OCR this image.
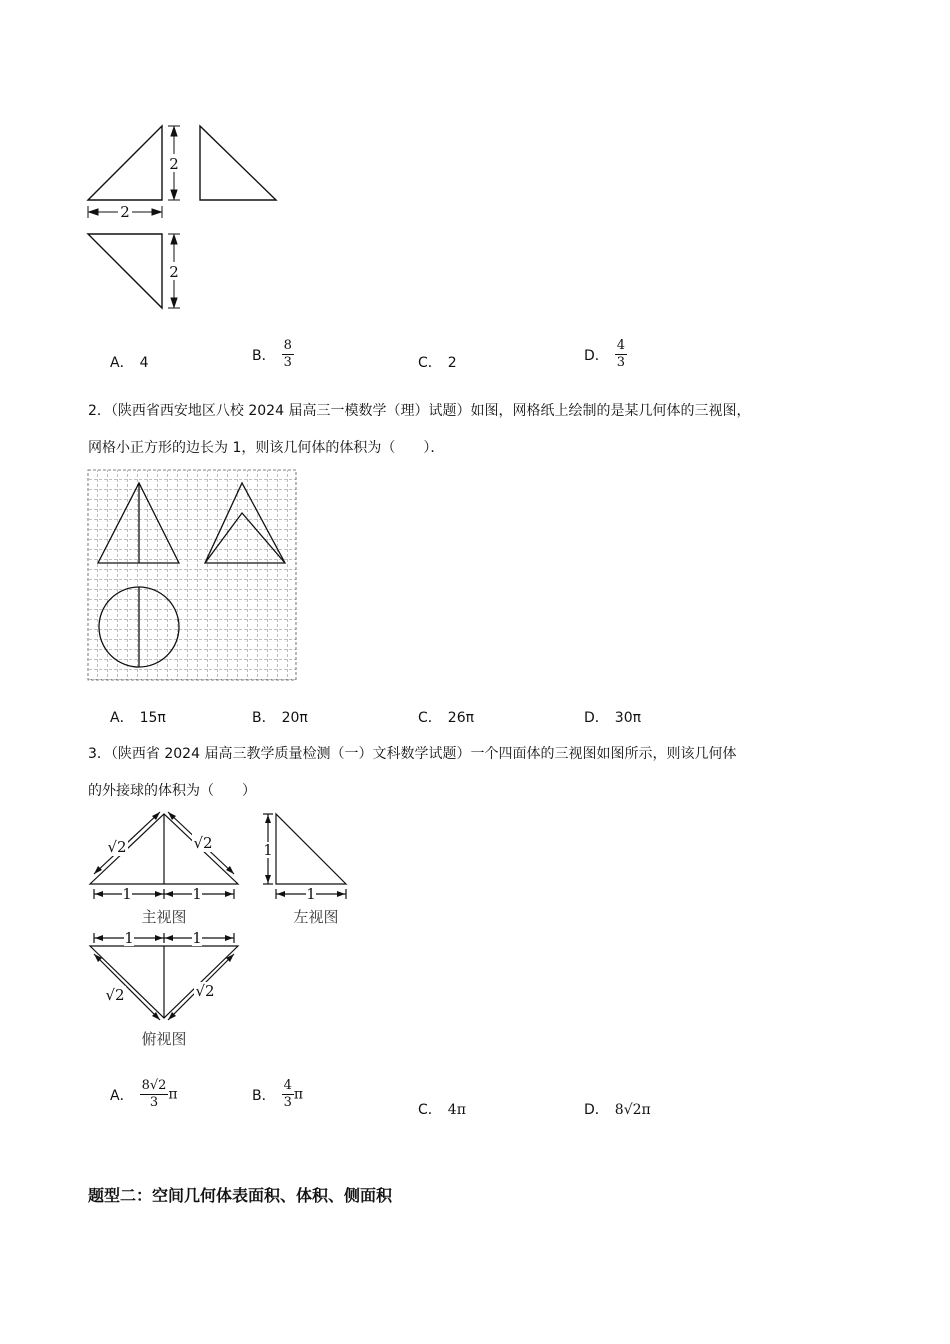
2
2
2
A． 4	B． $\frac{8}{3}$	C． 2	D． $\frac{4}{3}$
2．（陕西省西安地区八校 2024 届高三一模数学（理）试题）如图，网格纸上绘制的是某几何体的三视图，
网格小正方形的边长为 1，则该几何体的体积为（　　）．
A． 15π	B． 20π	C． 26π	D． 30π
3．（陕西省 2024 届高三教学质量检测（一）文科数学试题）一个四面体的三视图如图所示，则该几何体
的外接球的体积为（　　）
√2	√2
1	1
主视图
1
1
左视图
1	1
√2	√2
俯视图
A． $\frac{8√2}{3}$ π	B． $\frac{4}{3}$ π
C． 4π	D． 8√2π
题型二：空间几何体表面积、体积、侧面积
